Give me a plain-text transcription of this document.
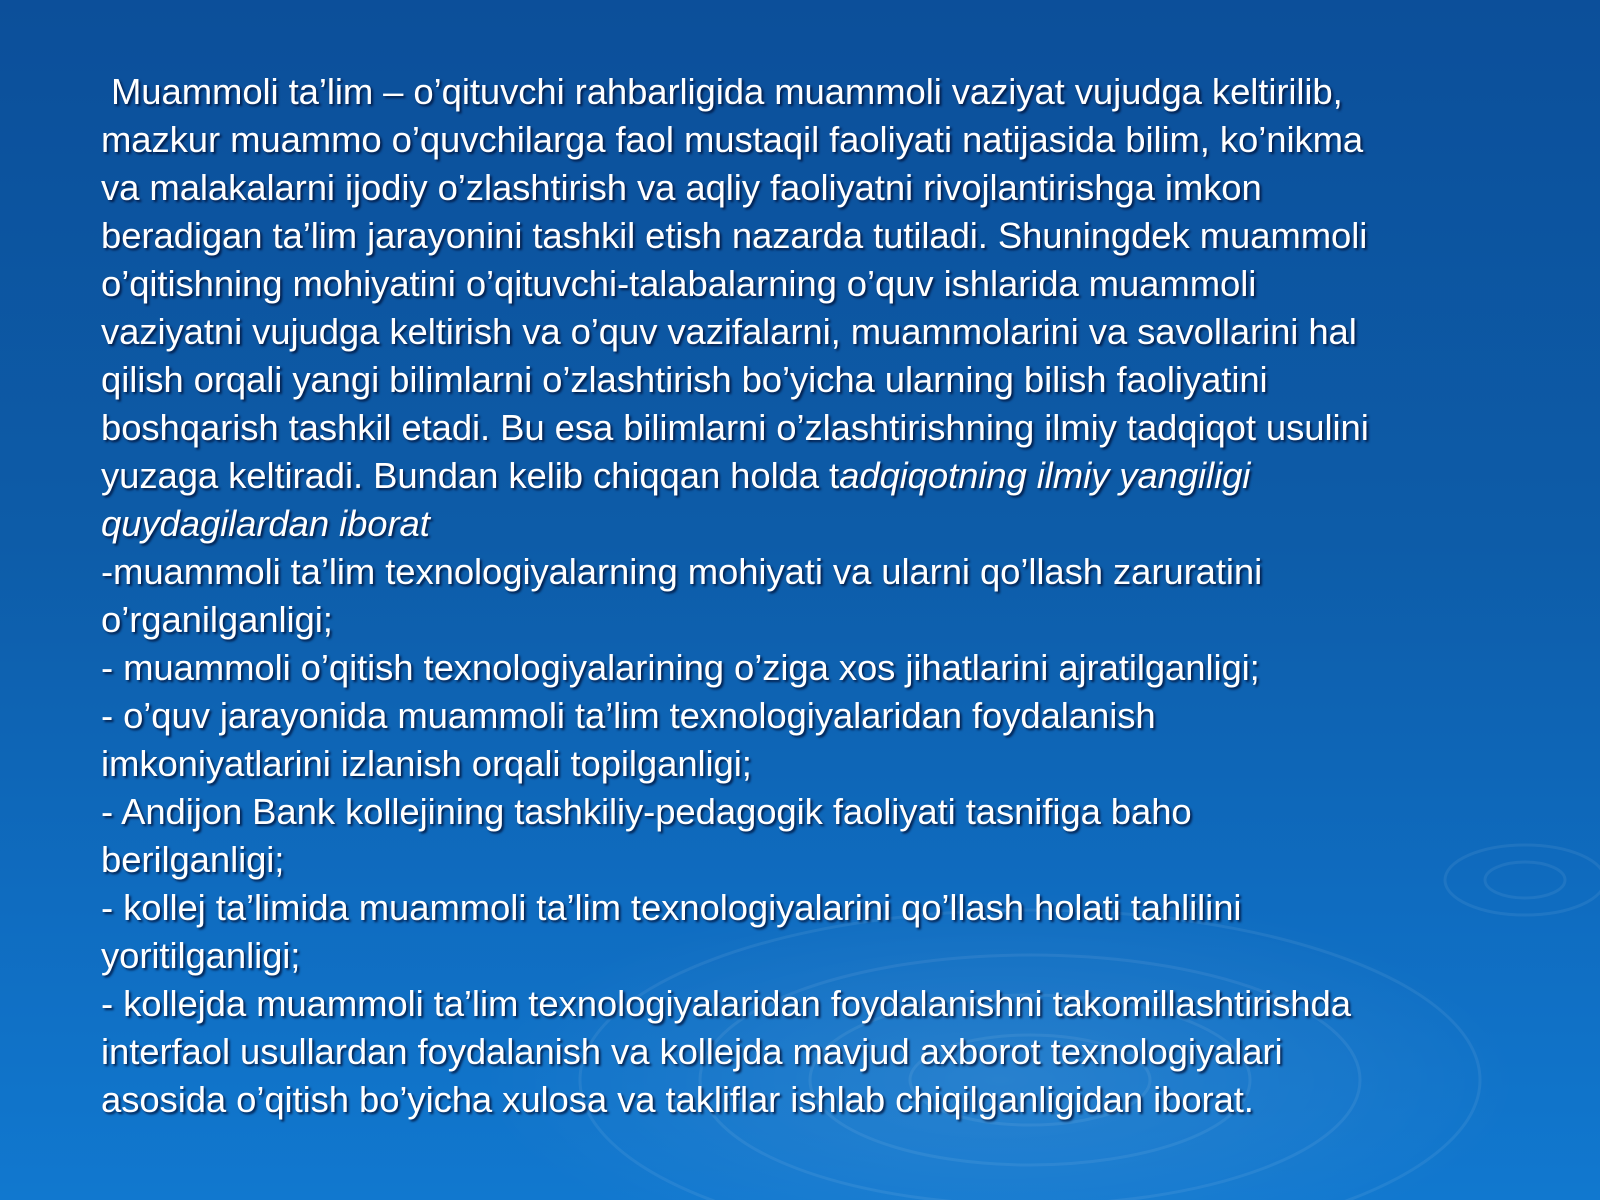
Muammoli ta’lim – o’qituvchi rahbarligida muammoli vaziyat vujudga keltirilib,
mazkur muammo o’quvchilarga faol mustaqil faoliyati natijasida bilim, ko’nikma
va malakalarni ijodiy o’zlashtirish va aqliy faoliyatni rivojlantirishga imkon
beradigan ta’lim jarayonini tashkil etish nazarda tutiladi. Shuningdek muammoli
o’qitishning mohiyatini o’qituvchi-talabalarning o’quv ishlarida muammoli
vaziyatni vujudga keltirish va o’quv vazifalarni, muammolarini va savollarini hal
qilish orqali yangi bilimlarni o’zlashtirish bo’yicha ularning bilish faoliyatini
boshqarish tashkil etadi. Bu esa bilimlarni o’zlashtirishning ilmiy tadqiqot usulini
yuzaga keltiradi. Bundan kelib chiqqan holda tadqiqotning ilmiy yangiligi
quydagilardan iborat
-muammoli ta’lim texnologiyalarning mohiyati va ularni qo’llash zaruratini
o’rganilganligi;
- muammoli o’qitish texnologiyalarining o’ziga xos jihatlarini ajratilganligi;
- o’quv jarayonida muammoli ta’lim texnologiyalaridan foydalanish
imkoniyatlarini izlanish orqali topilganligi;
- Andijon Bank kollejining tashkiliy-pedagogik faoliyati tasnifiga baho
berilganligi;
- kollej ta’limida muammoli ta’lim texnologiyalarini qo’llash holati tahlilini
yoritilganligi;
- kollejda muammoli ta’lim texnologiyalaridan foydalanishni takomillashtirishda
interfaol usullardan foydalanish va kollejda mavjud axborot texnologiyalari
asosida o’qitish bo’yicha xulosa va takliflar ishlab chiqilganligidan iborat.
